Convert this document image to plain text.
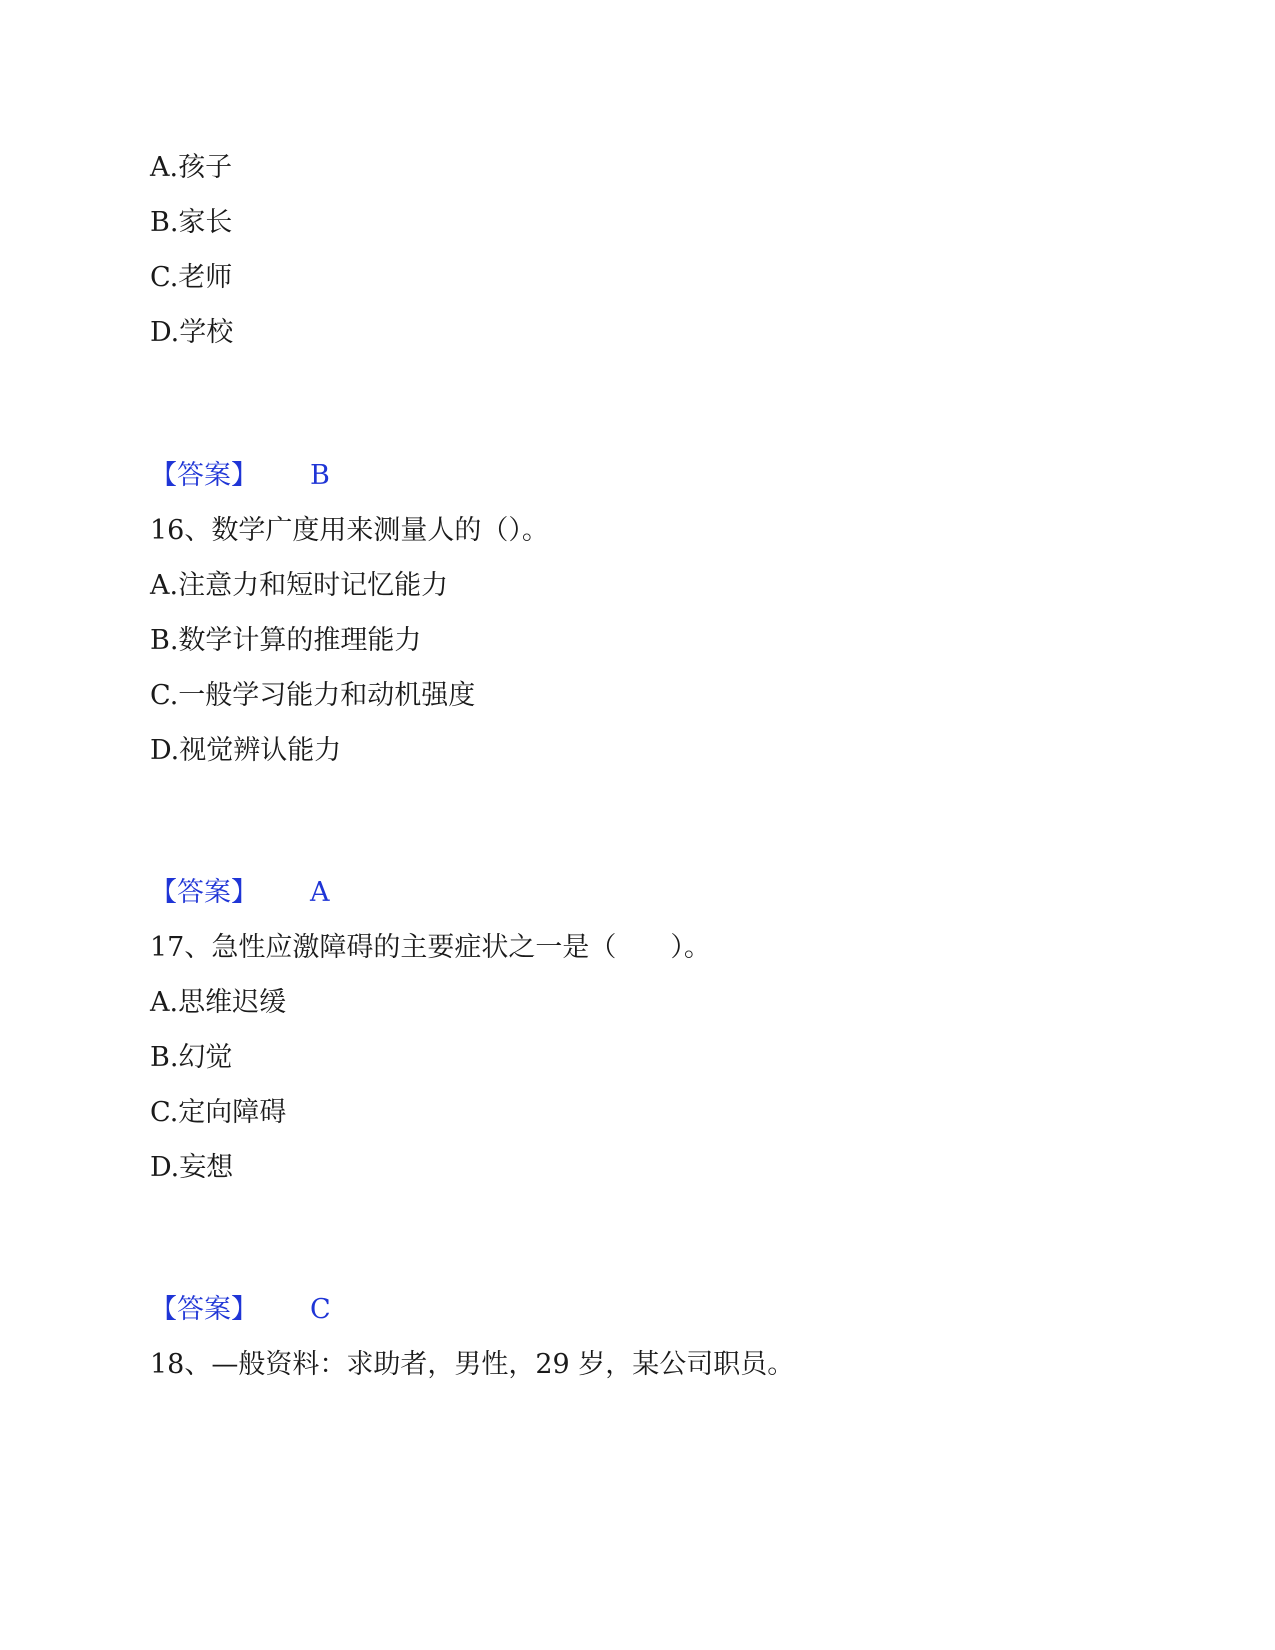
A.孩子
B.家长
C.老师
D.学校
【答案】 B
16、数学广度用来测量人的（）。
A.注意力和短时记忆能力
B.数学计算的推理能力
C.一般学习能力和动机强度
D.视觉辨认能力
【答案】 A
17、急性应激障碍的主要症状之一是（　　）。
A.思维迟缓
B.幻觉
C.定向障碍
D.妄想
【答案】 C
18、—般资料：求助者，男性，29 岁，某公司职员。
